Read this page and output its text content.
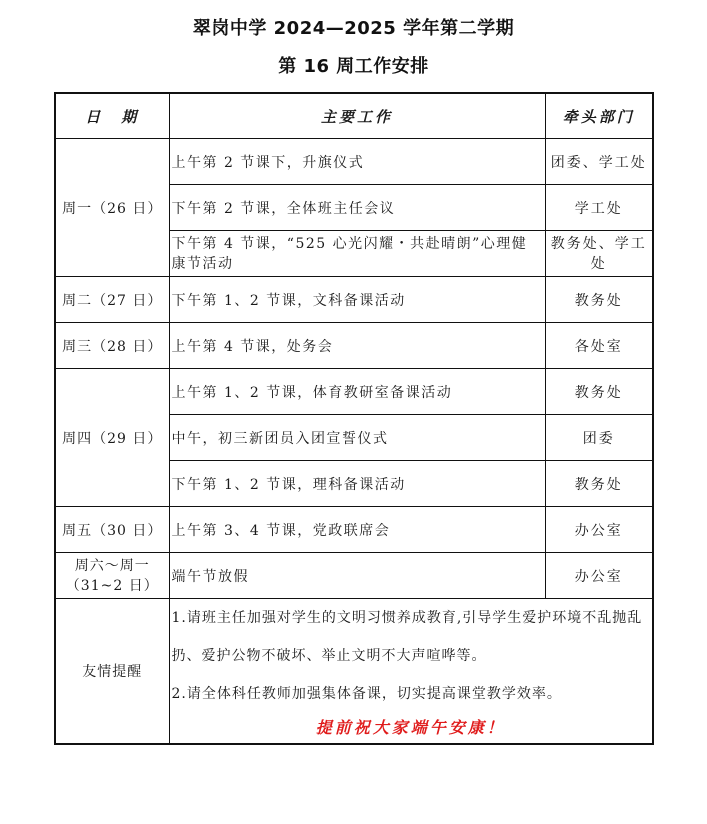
翠岗中学 2024—2025 学年第二学期
第 16 周工作安排
日　期	主要工作	牵头部门
周一（26 日）	上午第 2 节课下，升旗仪式	团委、学工处
	下午第 2 节课，全体班主任会议	学工处
	下午第 4 节课，“525 心光闪耀・共赴晴朗”心理健康节活动	教务处、学工处
周二（27 日）	下午第 1、2 节课，文科备课活动	教务处
周三（28 日）	上午第 4 节课，处务会	各处室
周四（29 日）	上午第 1、2 节课，体育教研室备课活动	教务处
	中午，初三新团员入团宣誓仪式	团委
	下午第 1、2 节课，理科备课活动	教务处
周五（30 日）	上午第 3、4 节课，党政联席会	办公室

周六～周一
（31~2 日）	端午节放假	办公室
友情提醒	1.请班主任加强对学生的文明习惯养成教育,引导学生爱护环境不乱抛乱扔、爱护公物不破坏、举止文明不大声喧哗等。
2.请全体科任教师加强集体备课，切实提高课堂教学效率。
提前祝大家端午安康！	
